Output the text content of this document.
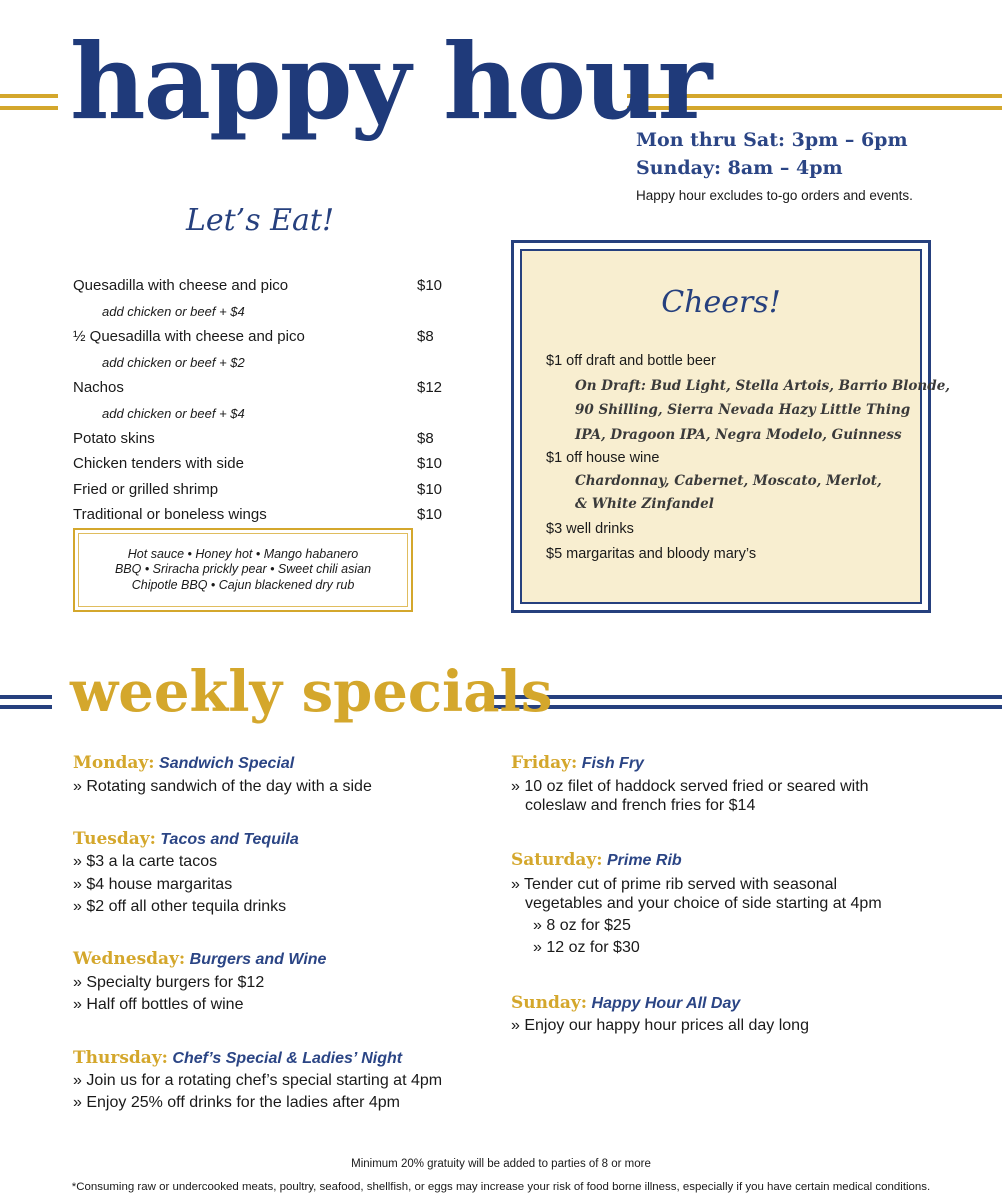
happy hour
Mon thru Sat: 3pm – 6pm
Sunday: 8am – 4pm
Happy hour excludes to-go orders and events.
Let’s Eat!
Quesadilla with cheese and pico	$10
add chicken or beef + $4
½ Quesadilla with cheese and pico	$8
add chicken or beef + $2
Nachos	$12
add chicken or beef + $4
Potato skins	$8
Chicken tenders with side	$10
Fried or grilled shrimp	$10
Traditional or boneless wings	$10
Hot sauce • Honey hot • Mango habanero
BBQ • Sriracha prickly pear • Sweet chili asian
Chipotle BBQ • Cajun blackened dry rub
Cheers!
$1 off draft and bottle beer
On Draft: Bud Light, Stella Artois, Barrio Blonde,
90 Shilling, Sierra Nevada Hazy Little Thing
IPA, Dragoon IPA, Negra Modelo, Guinness
$1 off house wine
Chardonnay, Cabernet, Moscato, Merlot,
& White Zinfandel
$3 well drinks
$5 margaritas and bloody mary’s
weekly specials
Monday: Sandwich Special
» Rotating sandwich of the day with a side
Tuesday: Tacos and Tequila
» $3 a la carte tacos
» $4 house margaritas
» $2 off all other tequila drinks
Wednesday: Burgers and Wine
» Specialty burgers for $12
» Half off bottles of wine
Thursday: Chef’s Special & Ladies’ Night
» Join us for a rotating chef’s special starting at 4pm
» Enjoy 25% off drinks for the ladies after 4pm
Friday: Fish Fry
» 10 oz filet of haddock served fried or seared with
coleslaw and french fries for $14
Saturday: Prime Rib
» Tender cut of prime rib served with seasonal
vegetables and your choice of side starting at 4pm
» 8 oz for $25
» 12 oz for $30
Sunday: Happy Hour All Day
» Enjoy our happy hour prices all day long
Minimum 20% gratuity will be added to parties of 8 or more
*Consuming raw or undercooked meats, poultry, seafood, shellfish, or eggs may increase your risk of food borne illness, especially if you have certain medical conditions.
